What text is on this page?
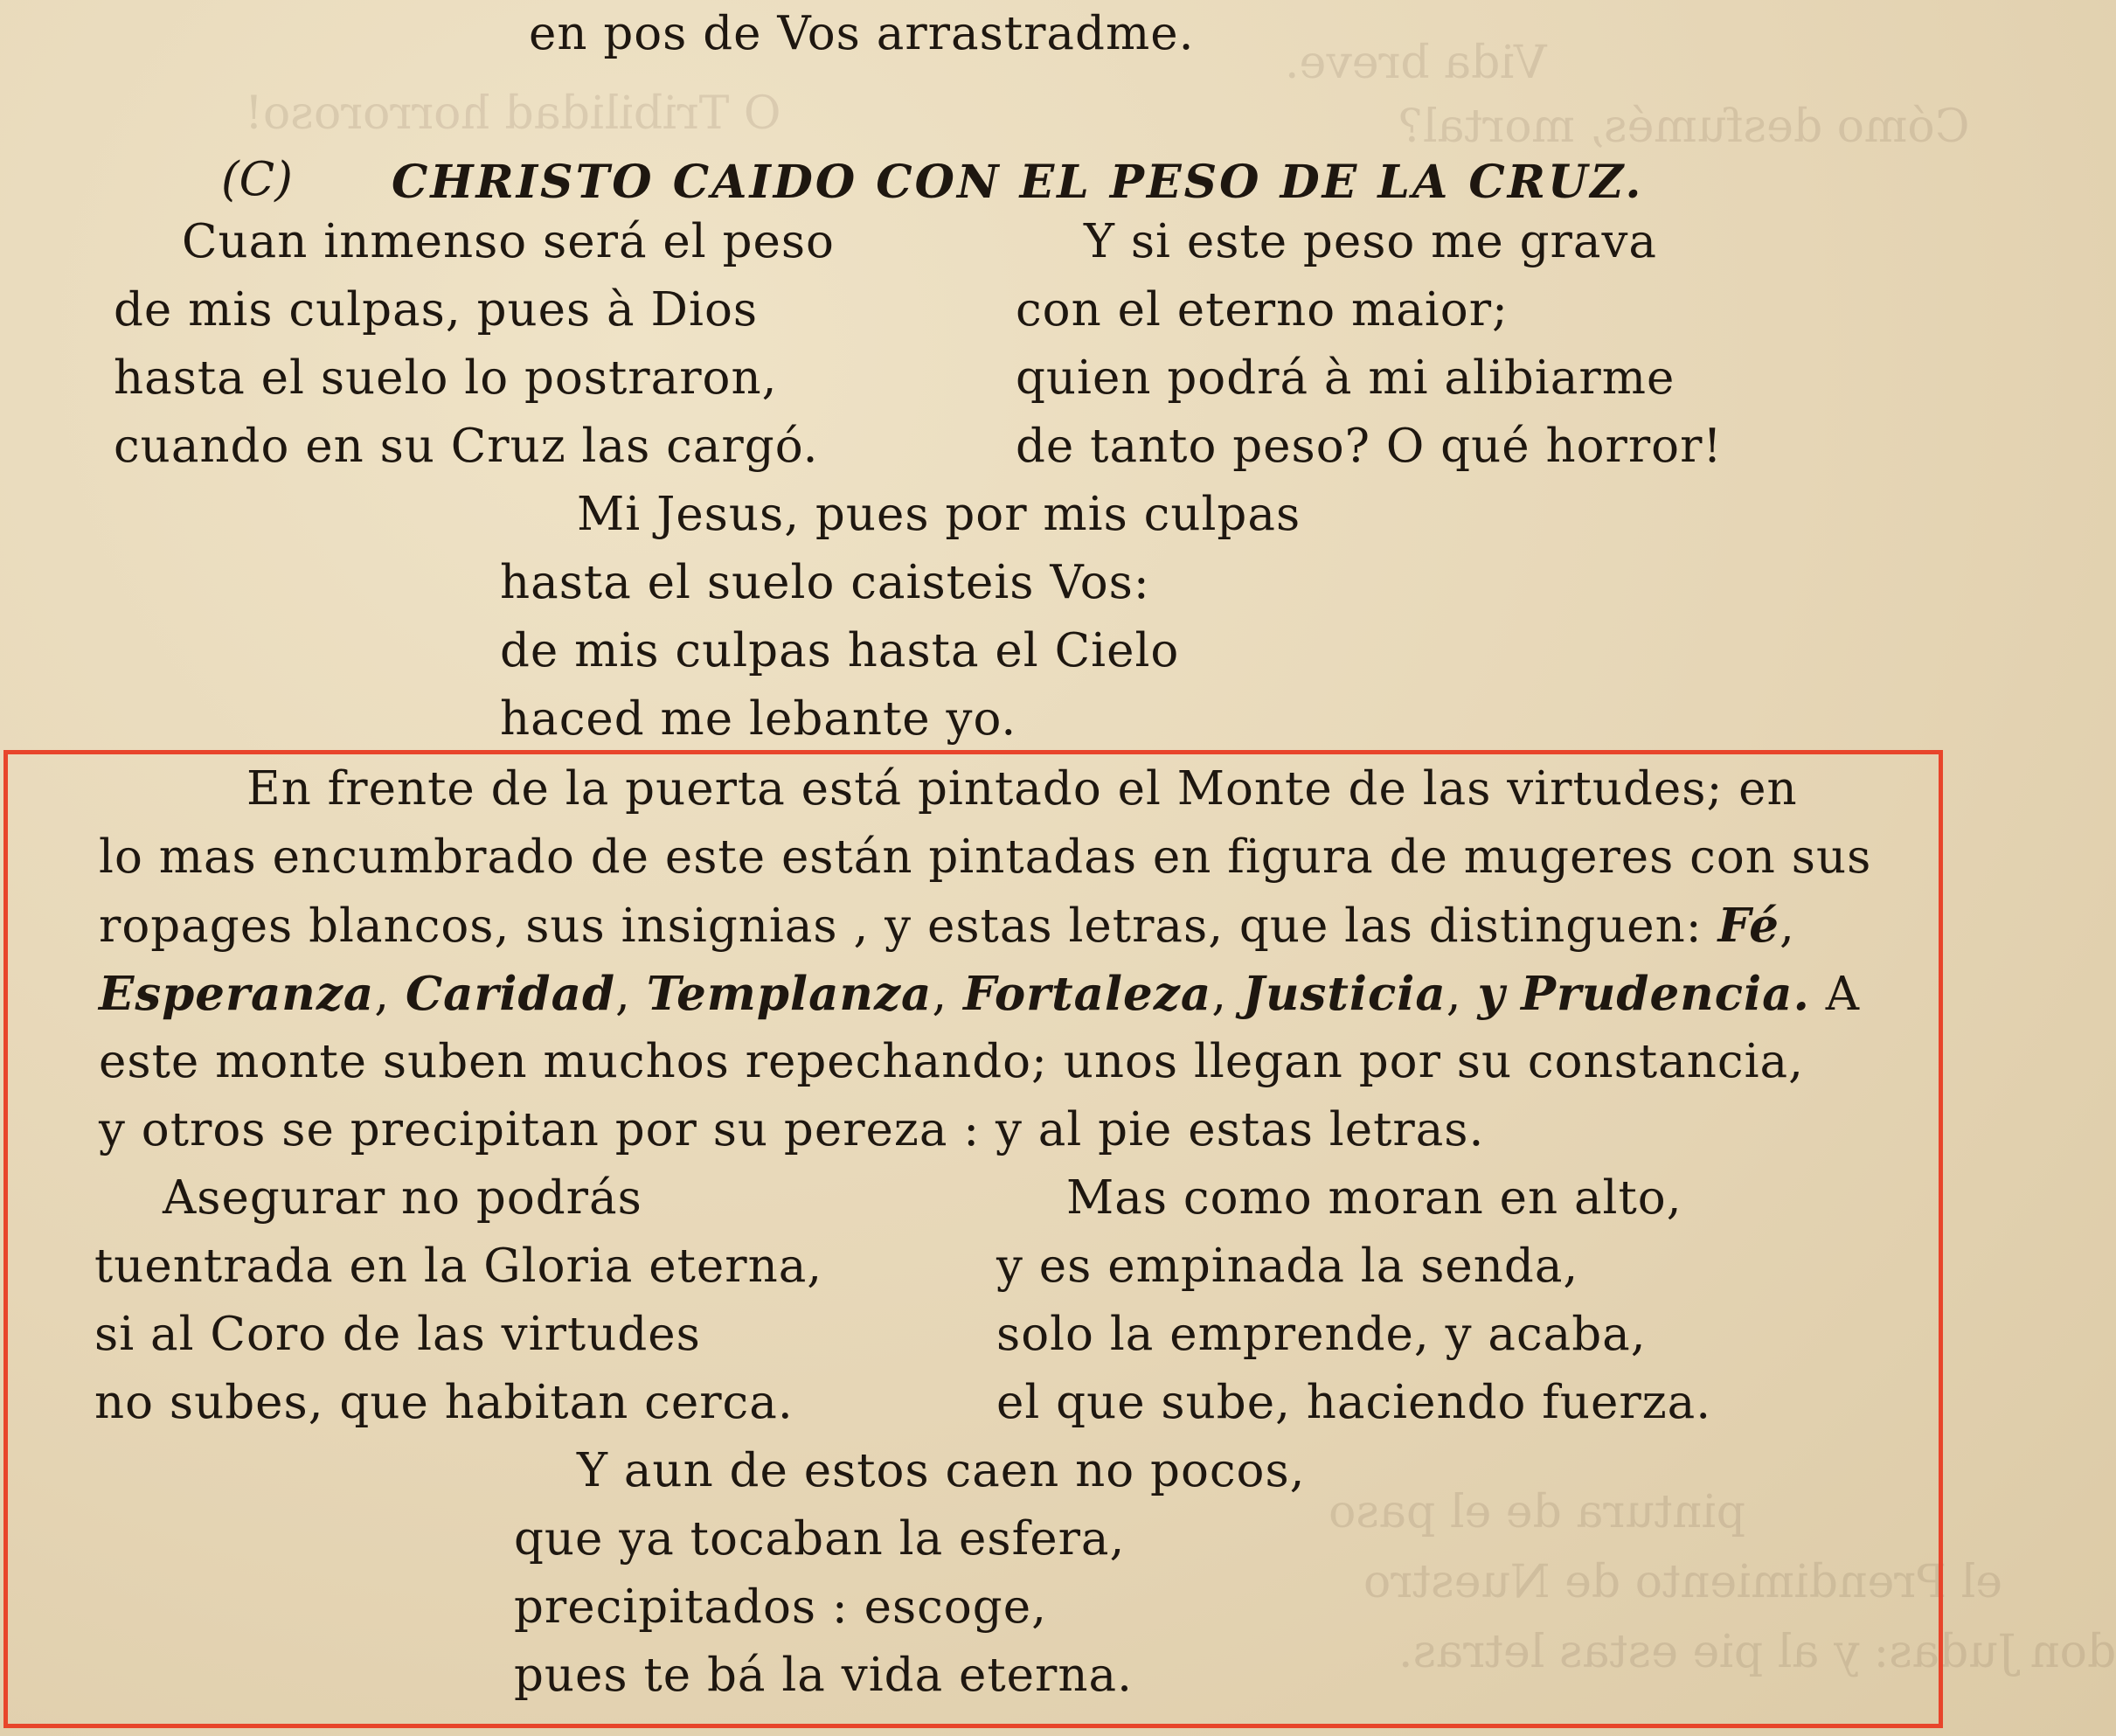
Vida breve.
O Tribilidad horroroso!	Cómo desfumés, mortal?
pintura de el paso
el Prendimiento de Nuestro
don Judas: y al pie estas letras.
en pos de Vos arrastradme.
(C) CHRISTO CAIDO CON EL PESO DE LA CRUZ.
Cuan inmenso será el peso
de mis culpas, pues à Dios
hasta el suelo lo postraron,
cuando en su Cruz las cargó.
Y si este peso me grava
con el eterno maior;
quien podrá à mi alibiarme
de tanto peso? O qué horror!
Mi Jesus, pues por mis culpas
hasta el suelo caisteis Vos:
de mis culpas hasta el Cielo
haced me lebante yo.
En frente de la puerta está pintado el Monte de las virtudes; en
lo mas encumbrado de este están pintadas en figura de mugeres con sus
ropages blancos, sus insignias , y estas letras, que las distinguen: Fé,
Esperanza, Caridad, Templanza, Fortaleza, Justicia, y Prudencia. A
este monte suben muchos repechando; unos llegan por su constancia,
y otros se precipitan por su pereza : y al pie estas letras.
Asegurar no podrás
tuentrada en la Gloria eterna,
si al Coro de las virtudes
no subes, que habitan cerca.
Mas como moran en alto,
y es empinada la senda,
solo la emprende, y acaba,
el que sube, haciendo fuerza.
Y aun de estos caen no pocos,
que ya tocaban la esfera,
precipitados : escoge,
pues te bá la vida eterna.
